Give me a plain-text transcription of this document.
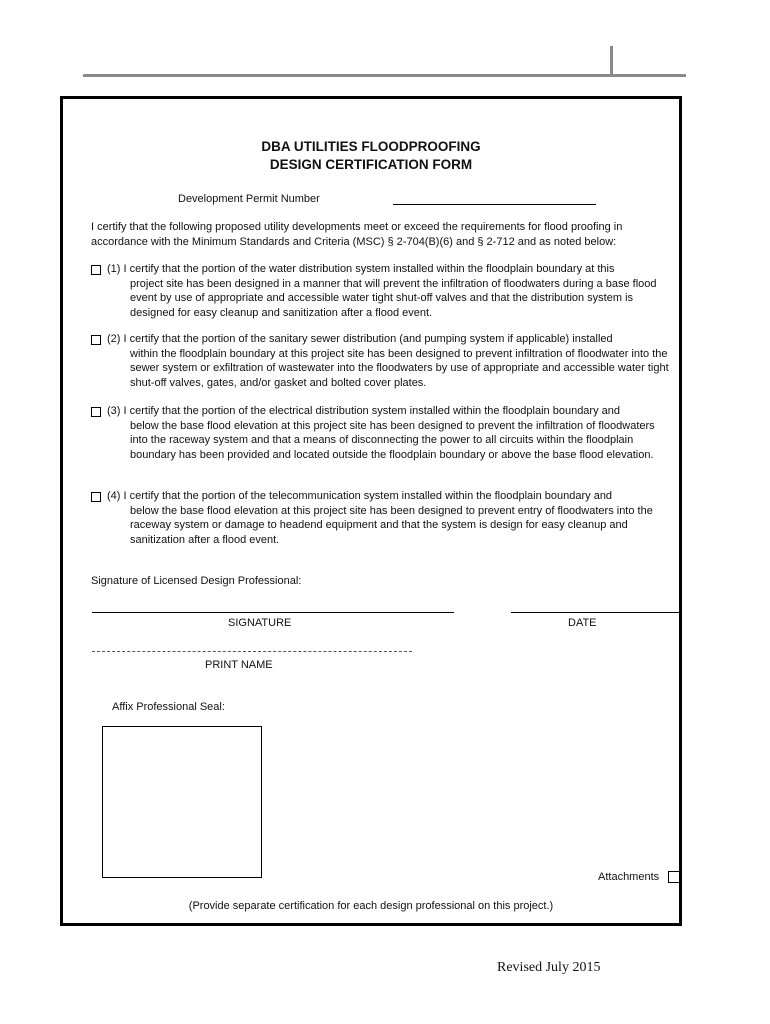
DBA UTILITIES FLOODPROOFING
DESIGN CERTIFICATION FORM
Development Permit Number
I certify that the following proposed utility developments meet or exceed the requirements for flood proofing in accordance with the Minimum Standards and Criteria (MSC) § 2-704(B)(6) and § 2-712 and as noted below:
(1) I certify that the portion of the water distribution system installed within the floodplain boundary at this
project site has been designed in a manner that will prevent the infiltration of floodwaters during a base flood event by use of appropriate and accessible water tight shut-off valves and that the distribution system is designed for easy cleanup and sanitization after a flood event.
(2) I certify that the portion of the sanitary sewer distribution (and pumping system if applicable) installed
within the floodplain boundary at this project site has been designed to prevent infiltration of floodwater into the sewer system or exfiltration of wastewater into the floodwaters by use of appropriate and accessible water tight shut-off valves, gates, and/or gasket and bolted cover plates.
(3) I certify that the portion of the electrical distribution system installed within the floodplain boundary and
below the base flood elevation at this project site has been designed to prevent the infiltration of floodwaters into the raceway system and that a means of disconnecting the power to all circuits within the floodplain boundary has been provided and located outside the floodplain boundary or above the base flood elevation.
(4) I certify that the portion of the telecommunication system installed within the floodplain boundary and
below the base flood elevation at this project site has been designed to prevent entry of floodwaters into the raceway system or damage to headend equipment and that the system is design for easy cleanup and sanitization after a flood event.
Signature of Licensed Design Professional:
SIGNATURE	DATE
PRINT NAME
Affix Professional Seal:
Attachments
(Provide separate certification for each design professional on this project.)
Revised July 2015
